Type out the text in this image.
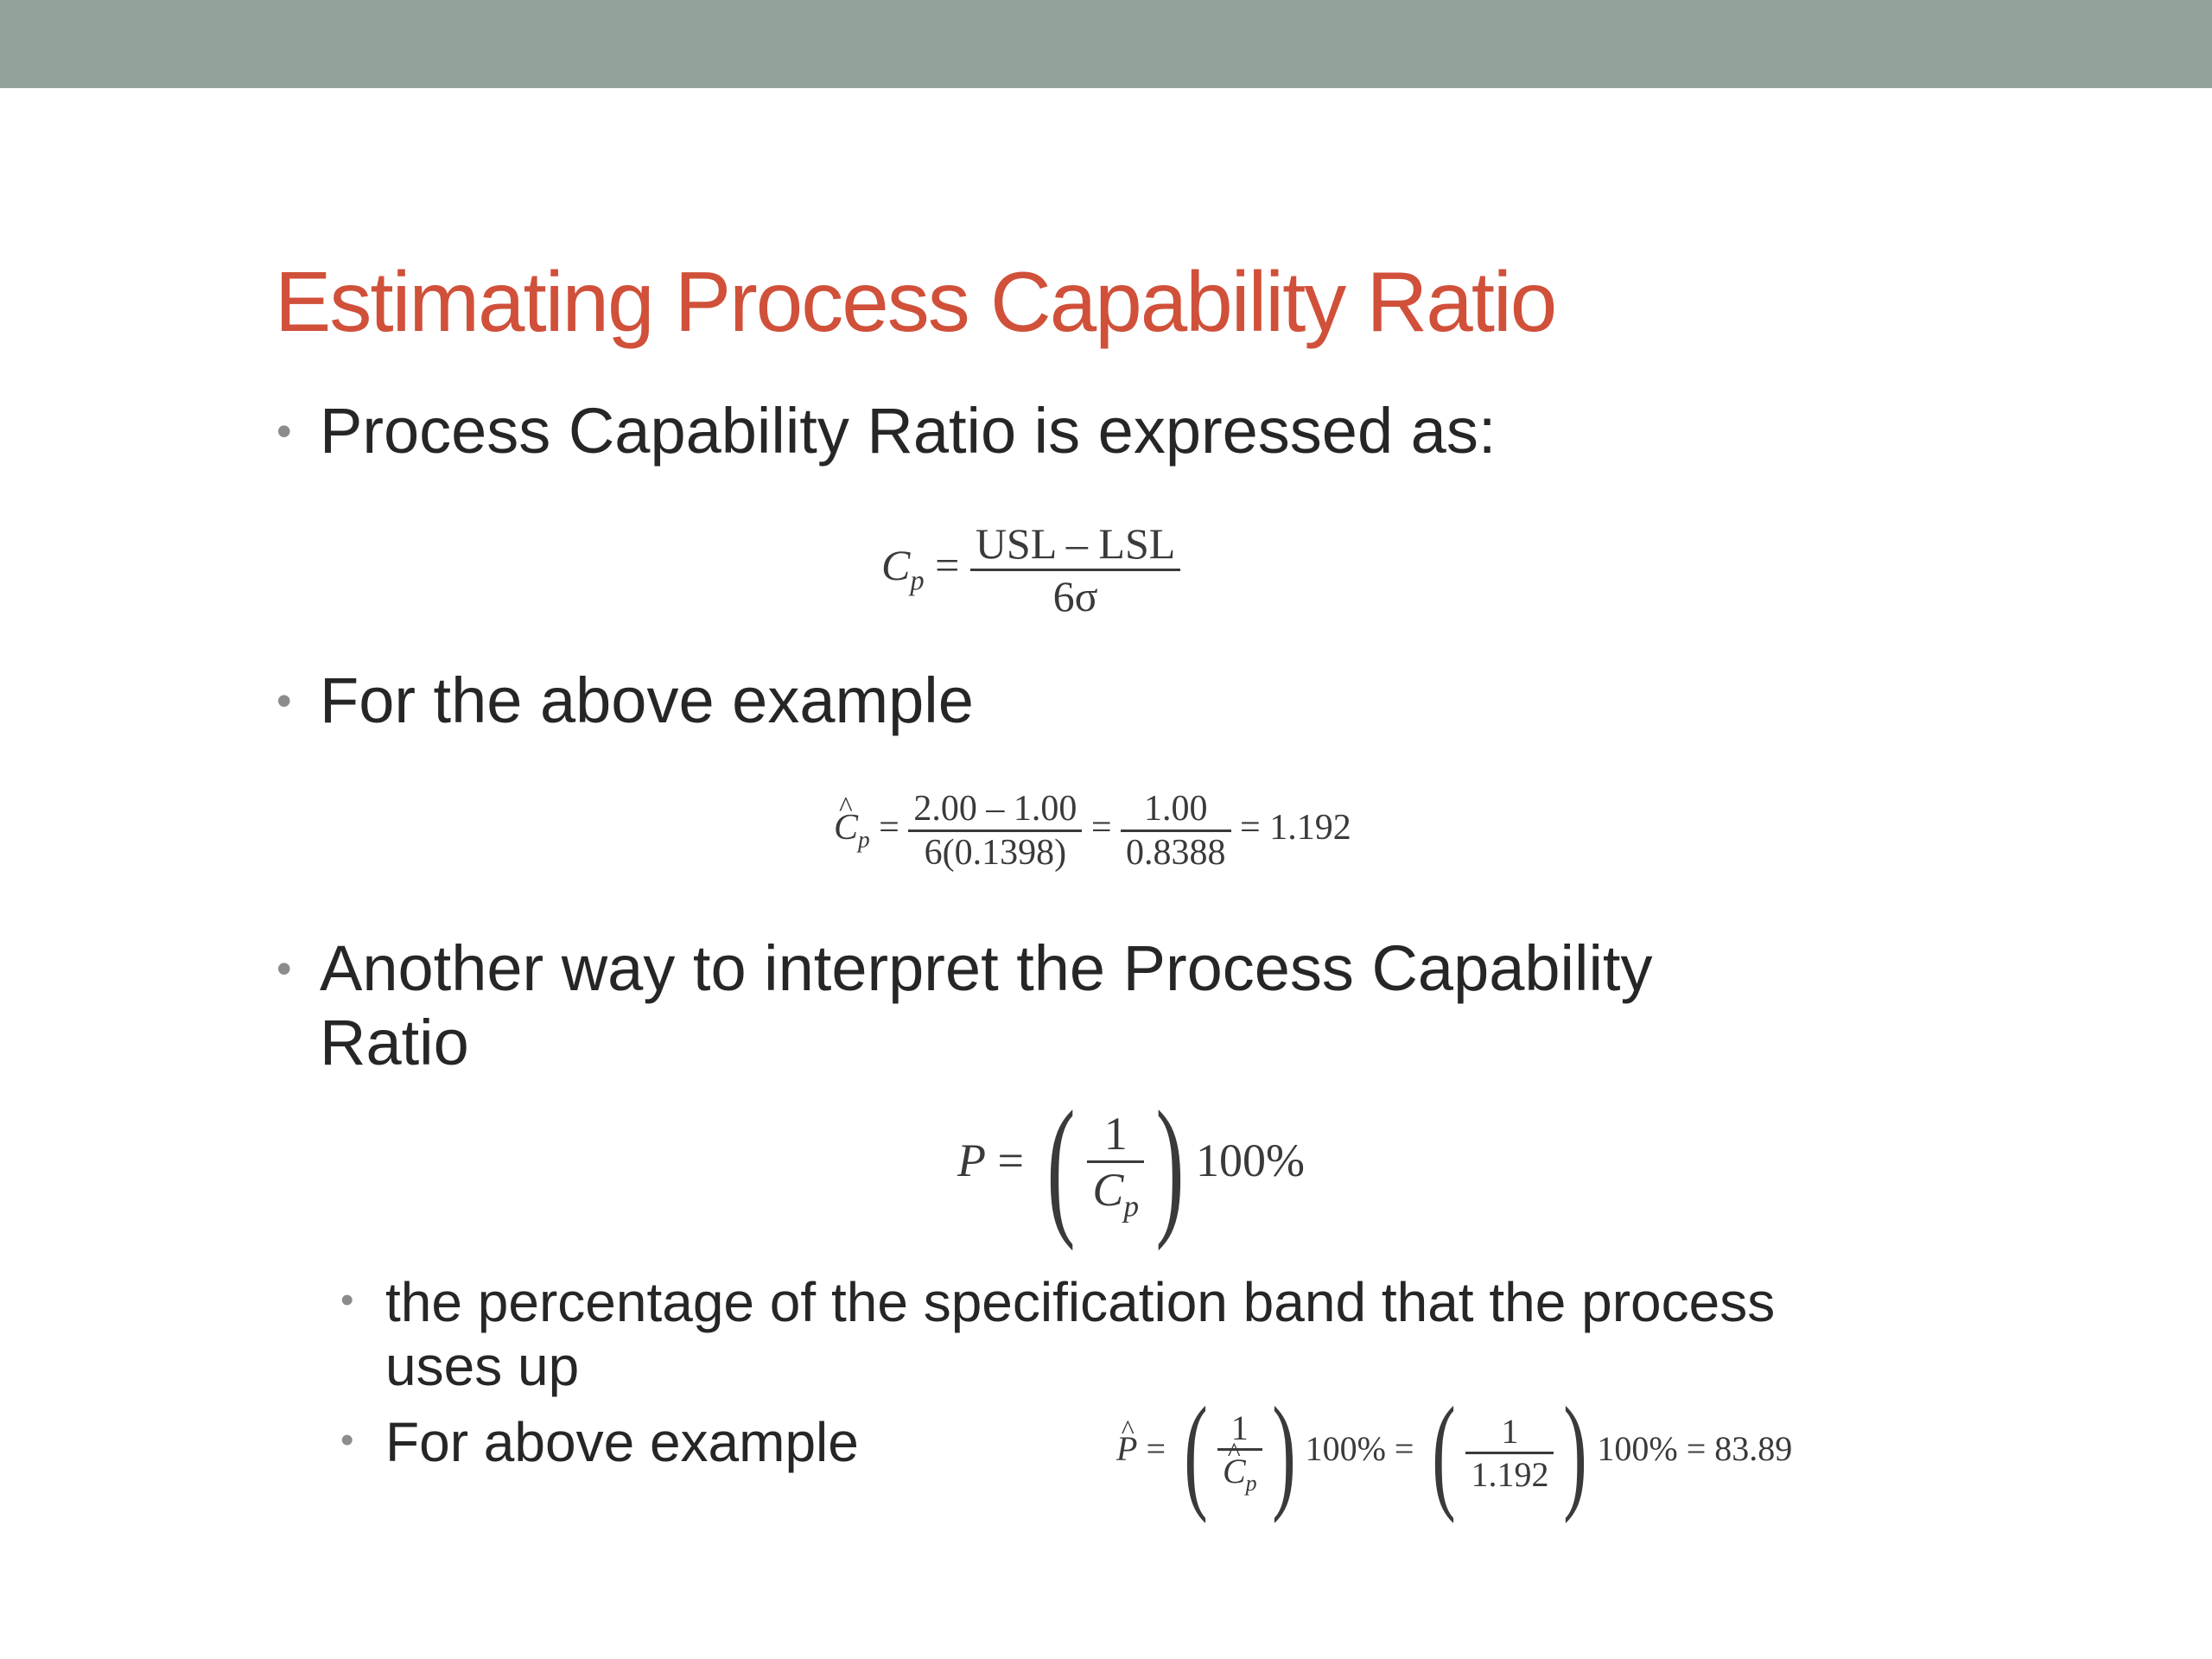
Estimating Process Capability Ratio
• Process Capability Ratio is expressed as:
$C_p = \frac{\text{USL – LSL}}{6\sigma}$
• For the above example
^ $C_p = \frac{2.00 - 1.00}{6(0.1398)} = \frac{1.00}{0.8388} = 1.192$
• Another way to interpret the Process Capability Ratio
P = ( $\frac{1}{C_p}$ ) 100%
• the percentage of the specification band that the process uses up
• For above example
^	P = ( 1
^ $C_p$ ) 100% = ( $\frac{1}{1.192}$ ) 100% = 83.89
